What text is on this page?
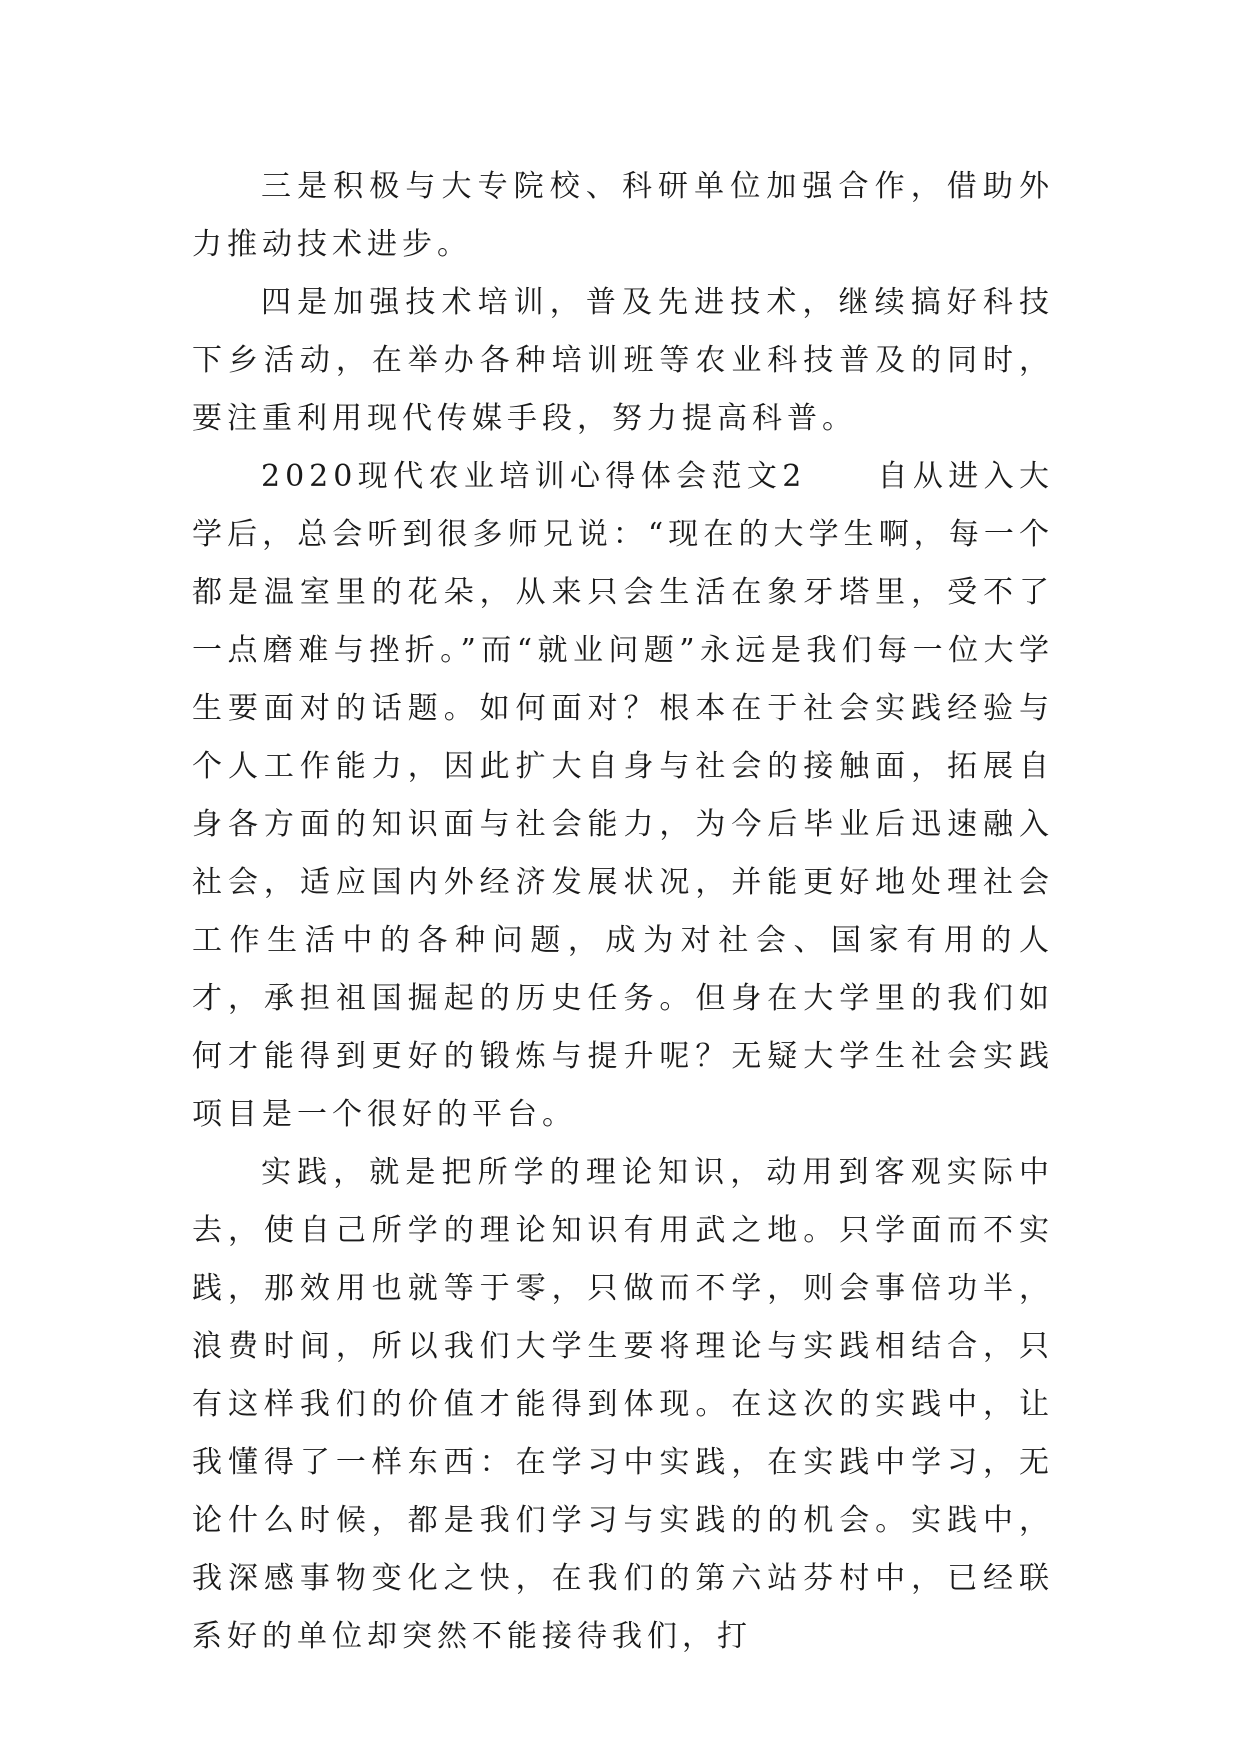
三是积极与大专院校、科研单位加强合作，借助外力推动技术进步。

四是加强技术培训，普及先进技术，继续搞好科技下乡活动，在举办各种培训班等农业科技普及的同时，要注重利用现代传媒手段，努力提高科普。

2020现代农业培训心得体会范文2　　自从进入大学后，总会听到很多师兄说：“现在的大学生啊，每一个都是温室里的花朵，从来只会生活在象牙塔里，受不了一点磨难与挫折。”而“就业问题”永远是我们每一位大学生要面对的话题。如何面对？根本在于社会实践经验与个人工作能力，因此扩大自身与社会的接触面，拓展自身各方面的知识面与社会能力，为今后毕业后迅速融入社会，适应国内外经济发展状况，并能更好地处理社会工作生活中的各种问题，成为对社会、国家有用的人才，承担祖国掘起的历史任务。但身在大学里的我们如何才能得到更好的锻炼与提升呢？无疑大学生社会实践项目是一个很好的平台。

实践，就是把所学的理论知识，动用到客观实际中去，使自己所学的理论知识有用武之地。只学面而不实践，那效用也就等于零，只做而不学，则会事倍功半，浪费时间，所以我们大学生要将理论与实践相结合，只有这样我们的价值才能得到体现。在这次的实践中，让我懂得了一样东西：在学习中实践，在实践中学习，无论什么时候，都是我们学习与实践的的机会。实践中，我深感事物变化之快，在我们的第六站芬村中，已经联系好的单位却突然不能接待我们，打
